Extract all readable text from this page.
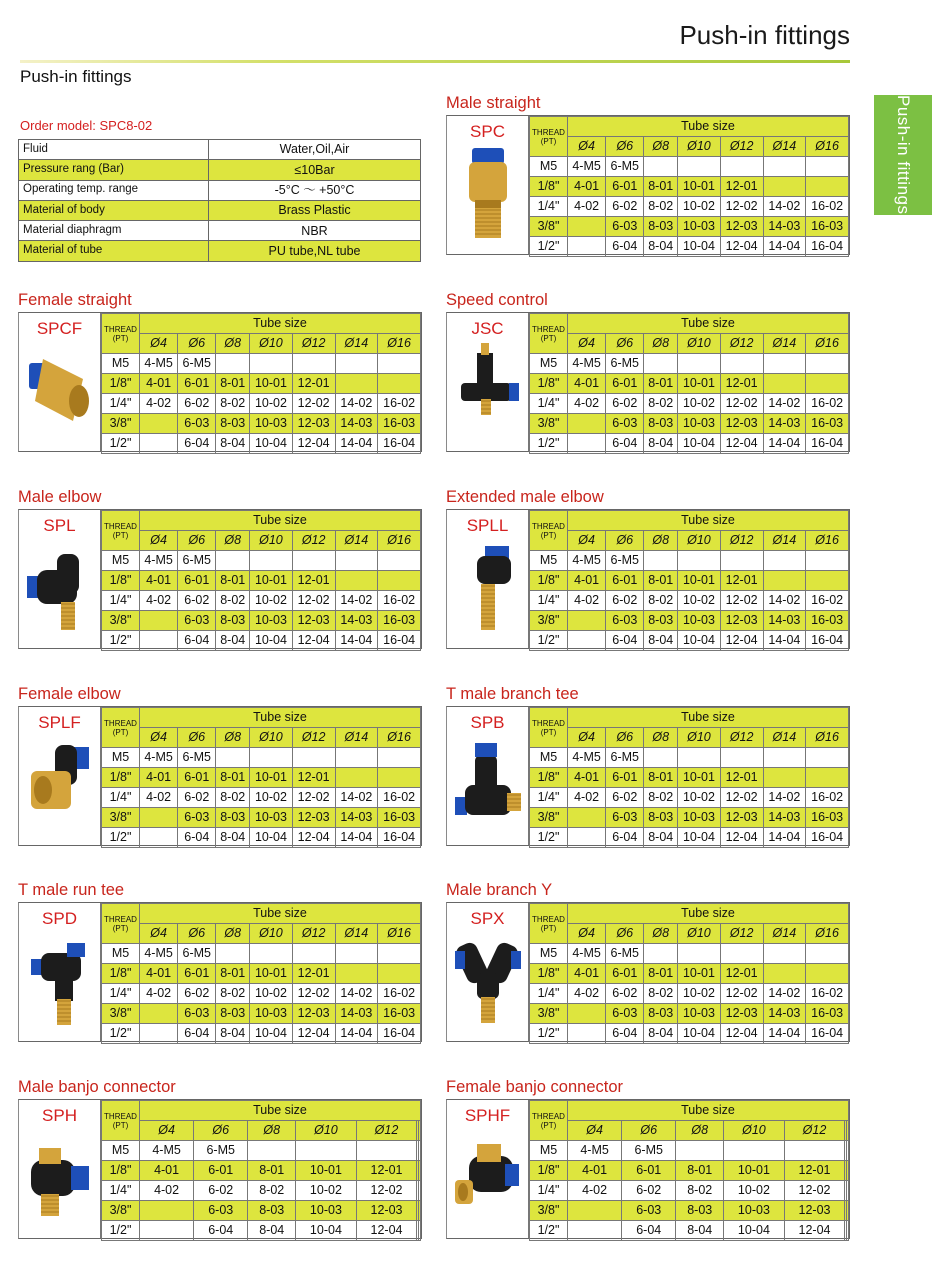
Push-in fittings
Push-in fittings
Push-in fittings
Order model: SPC8-02
Fluid	Water,Oil,Air
Pressure rang (Bar)	≤10Bar
Operating temp. range	-5°C ～ +50°C
Material of body	Brass Plastic
Material diaphragm	NBR
Material of tube	PU tube,NL tube
Male straight
SPC	THREAD
(PT)	Tube size						
	Ø4	Ø6	Ø8	Ø10	Ø12	Ø14	Ø16
M5	4-M5	6-M5					
1/8"	4-01	6-01	8-01	10-01	12-01		
1/4"	4-02	6-02	8-02	10-02	12-02	14-02	16-02
3/8"		6-03	8-03	10-03	12-03	14-03	16-03
1/2"		6-04	8-04	10-04	12-04	14-04	16-04
Female straight
SPCF	THREAD
(PT)	Tube size						
	Ø4	Ø6	Ø8	Ø10	Ø12	Ø14	Ø16
M5	4-M5	6-M5					
1/8"	4-01	6-01	8-01	10-01	12-01		
1/4"	4-02	6-02	8-02	10-02	12-02	14-02	16-02
3/8"		6-03	8-03	10-03	12-03	14-03	16-03
1/2"		6-04	8-04	10-04	12-04	14-04	16-04
Speed control
JSC	THREAD
(PT)	Tube size						
	Ø4	Ø6	Ø8	Ø10	Ø12	Ø14	Ø16
M5	4-M5	6-M5					
1/8"	4-01	6-01	8-01	10-01	12-01		
1/4"	4-02	6-02	8-02	10-02	12-02	14-02	16-02
3/8"		6-03	8-03	10-03	12-03	14-03	16-03
1/2"		6-04	8-04	10-04	12-04	14-04	16-04
Male elbow
SPL	THREAD
(PT)	Tube size						
	Ø4	Ø6	Ø8	Ø10	Ø12	Ø14	Ø16
M5	4-M5	6-M5					
1/8"	4-01	6-01	8-01	10-01	12-01		
1/4"	4-02	6-02	8-02	10-02	12-02	14-02	16-02
3/8"		6-03	8-03	10-03	12-03	14-03	16-03
1/2"		6-04	8-04	10-04	12-04	14-04	16-04
Extended male elbow
SPLL	THREAD
(PT)	Tube size						
	Ø4	Ø6	Ø8	Ø10	Ø12	Ø14	Ø16
M5	4-M5	6-M5					
1/8"	4-01	6-01	8-01	10-01	12-01		
1/4"	4-02	6-02	8-02	10-02	12-02	14-02	16-02
3/8"		6-03	8-03	10-03	12-03	14-03	16-03
1/2"		6-04	8-04	10-04	12-04	14-04	16-04
Female elbow
SPLF	THREAD
(PT)	Tube size						
	Ø4	Ø6	Ø8	Ø10	Ø12	Ø14	Ø16
M5	4-M5	6-M5					
1/8"	4-01	6-01	8-01	10-01	12-01		
1/4"	4-02	6-02	8-02	10-02	12-02	14-02	16-02
3/8"		6-03	8-03	10-03	12-03	14-03	16-03
1/2"		6-04	8-04	10-04	12-04	14-04	16-04
T male branch tee
SPB	THREAD
(PT)	Tube size						
	Ø4	Ø6	Ø8	Ø10	Ø12	Ø14	Ø16
M5	4-M5	6-M5					
1/8"	4-01	6-01	8-01	10-01	12-01		
1/4"	4-02	6-02	8-02	10-02	12-02	14-02	16-02
3/8"		6-03	8-03	10-03	12-03	14-03	16-03
1/2"		6-04	8-04	10-04	12-04	14-04	16-04
T male run tee
SPD	THREAD
(PT)	Tube size						
	Ø4	Ø6	Ø8	Ø10	Ø12	Ø14	Ø16
M5	4-M5	6-M5					
1/8"	4-01	6-01	8-01	10-01	12-01		
1/4"	4-02	6-02	8-02	10-02	12-02	14-02	16-02
3/8"		6-03	8-03	10-03	12-03	14-03	16-03
1/2"		6-04	8-04	10-04	12-04	14-04	16-04
Male branch Y
SPX	THREAD
(PT)	Tube size						
	Ø4	Ø6	Ø8	Ø10	Ø12	Ø14	Ø16
M5	4-M5	6-M5					
1/8"	4-01	6-01	8-01	10-01	12-01		
1/4"	4-02	6-02	8-02	10-02	12-02	14-02	16-02
3/8"		6-03	8-03	10-03	12-03	14-03	16-03
1/2"		6-04	8-04	10-04	12-04	14-04	16-04
Male banjo connector
SPH	THREAD
(PT)	Tube size						
	Ø4	Ø6	Ø8	Ø10	Ø12		
M5	4-M5	6-M5					
1/8"	4-01	6-01	8-01	10-01	12-01		
1/4"	4-02	6-02	8-02	10-02	12-02		
3/8"		6-03	8-03	10-03	12-03		
1/2"		6-04	8-04	10-04	12-04		
Female banjo connector
SPHF	THREAD
(PT)	Tube size						
	Ø4	Ø6	Ø8	Ø10	Ø12		
M5	4-M5	6-M5					
1/8"	4-01	6-01	8-01	10-01	12-01		
1/4"	4-02	6-02	8-02	10-02	12-02		
3/8"		6-03	8-03	10-03	12-03		
1/2"		6-04	8-04	10-04	12-04		
